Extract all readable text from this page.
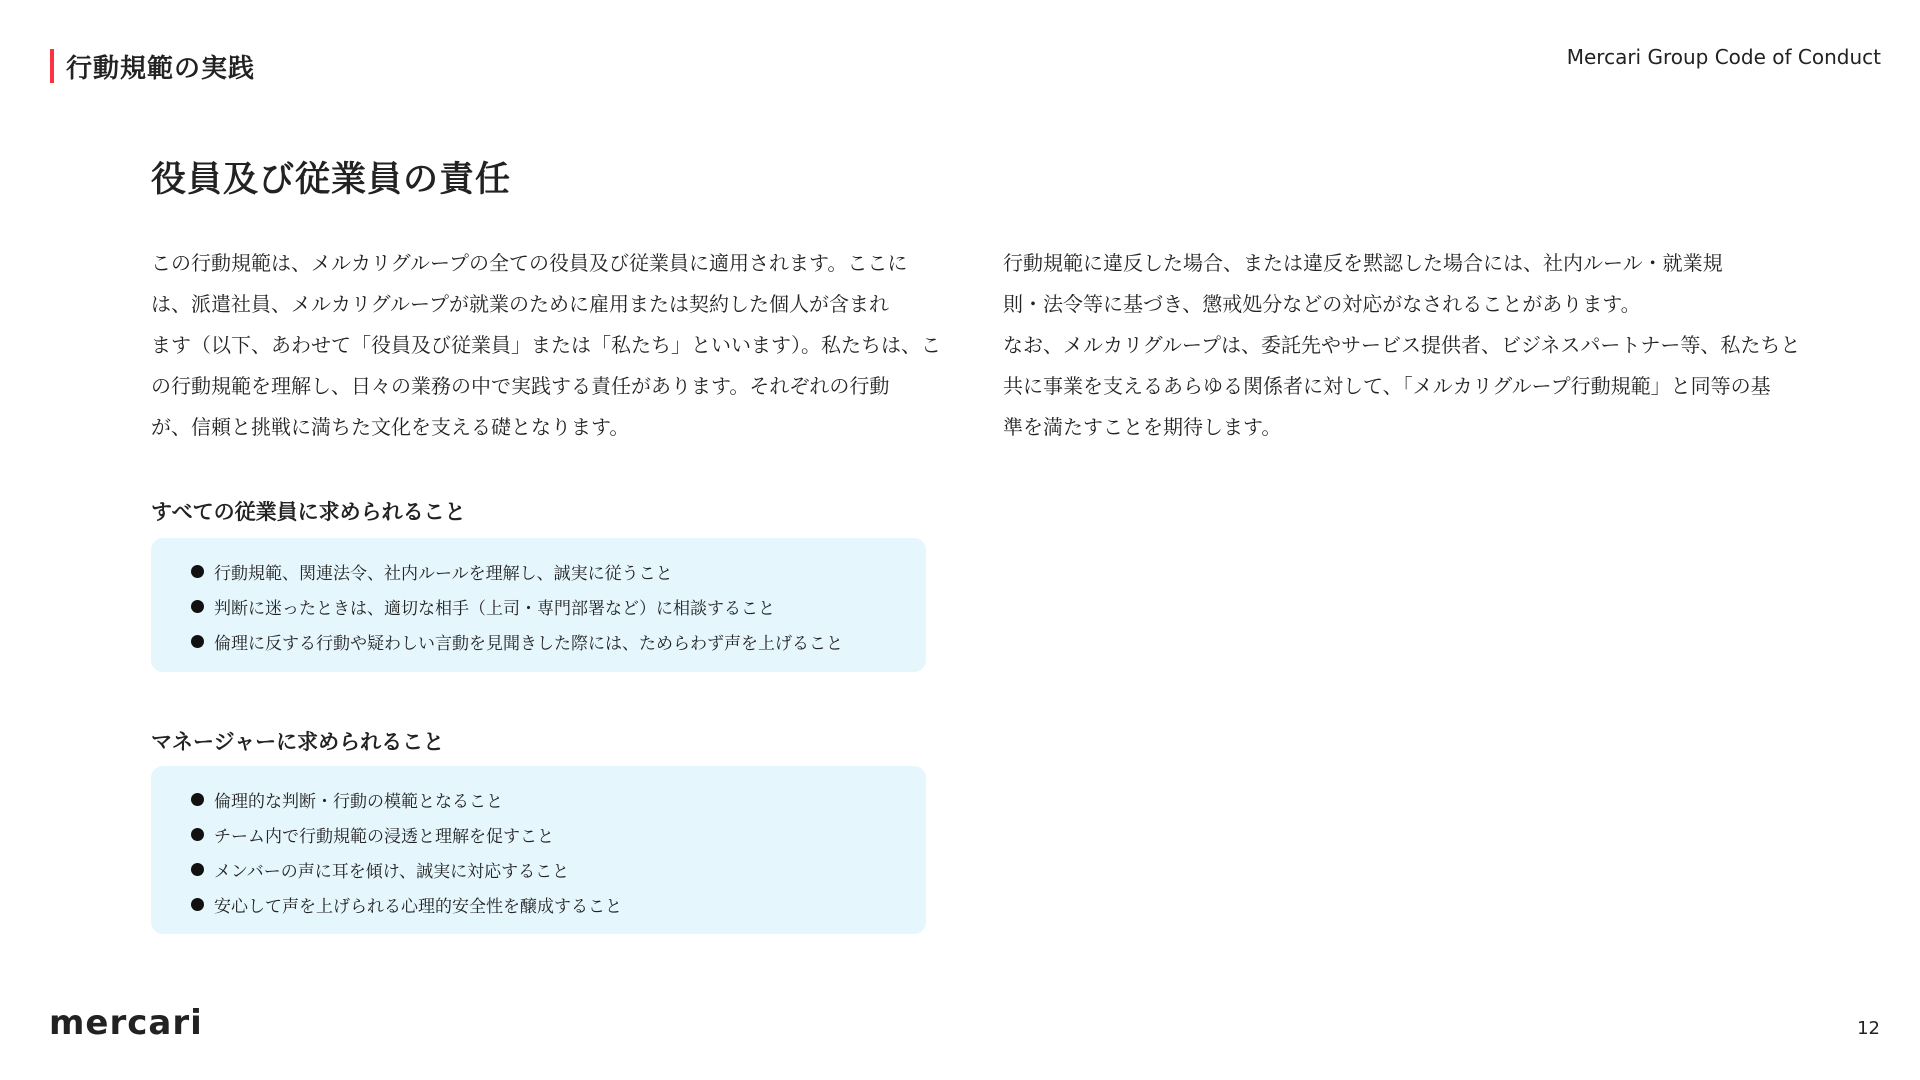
行動規範の実践	Mercari Group Code of Conduct
役員及び従業員の責任

この行動規範は、メルカリグループの全ての役員及び従業員に適用されます。ここに
は、派遣社員、メルカリグループが就業のために雇用または契約した個人が含まれ
ます（以下、あわせて「役員及び従業員」または「私たち」といいます）。私たちは、こ
の行動規範を理解し、日々の業務の中で実践する責任があります。それぞれの行動
が、信頼と挑戦に満ちた文化を支える礎となります。

行動規範に違反した場合、または違反を黙認した場合には、社内ルール・就業規
則・法令等に基づき、懲戒処分などの対応がなされることがあります。
なお、メルカリグループは、委託先やサービス提供者、ビジネスパートナー等、私たちと
共に事業を支えるあらゆる関係者に対して、「メルカリグループ行動規範」と同等の基
準を満たすことを期待します。

すべての従業員に求められること
行動規範、関連法令、社内ルールを理解し、誠実に従うこと
判断に迷ったときは、適切な相手（上司・専門部署など）に相談すること
倫理に反する行動や疑わしい言動を見聞きした際には、ためらわず声を上げること
マネージャーに求められること
倫理的な判断・行動の模範となること
チーム内で行動規範の浸透と理解を促すこと
メンバーの声に耳を傾け、誠実に対応すること
安心して声を上げられる心理的安全性を醸成すること
mercari	12
